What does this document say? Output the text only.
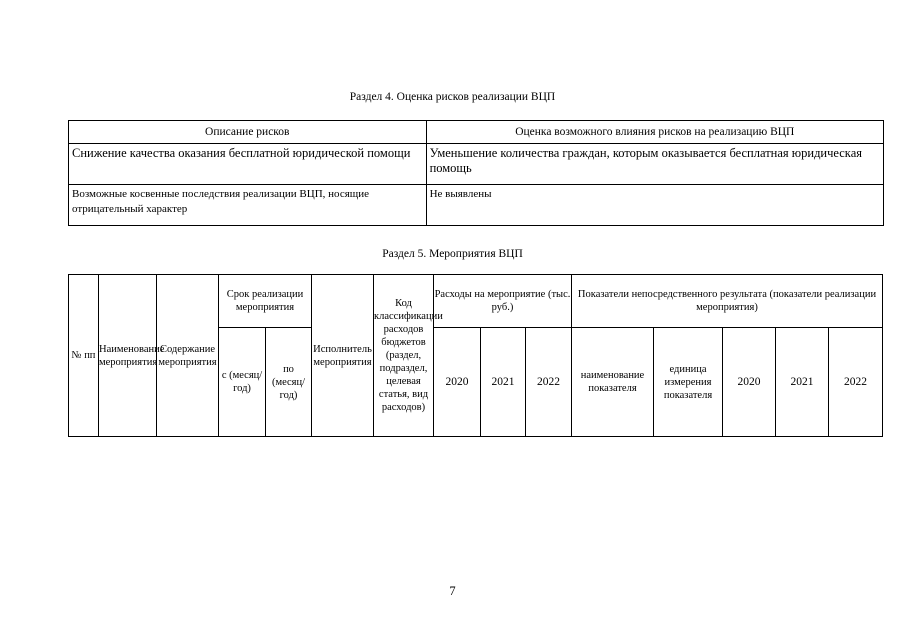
Раздел 4. Оценка рисков реализации ВЦП
Описание рисков	Оценка возможного влияния рисков на реализацию ВЦП
Снижение качества оказания бесплатной юридической помощи	Уменьшение количества граждан, которым оказывается бесплатная юридическая помощь
Возможные косвенные последствия реализации ВЦП, носящие отрицательный характер	Не выявлены
Раздел 5. Мероприятия ВЦП
№ пп	Наименование мероприятия	Содержание мероприятия	Срок реализации мероприятия		Исполнитель мероприятия	Код классификации расходов бюджетов (раздел, подраздел, целевая статья, вид расходов)	Расходы на мероприятие (тыс. руб.)			Показатели непосредственного результата (показатели реализации мероприятия)				
			с (месяц/год)	по (месяц/год)			2020	2021	2022	наименование показателя	единица измерения показателя	2020	2021	2022
7
